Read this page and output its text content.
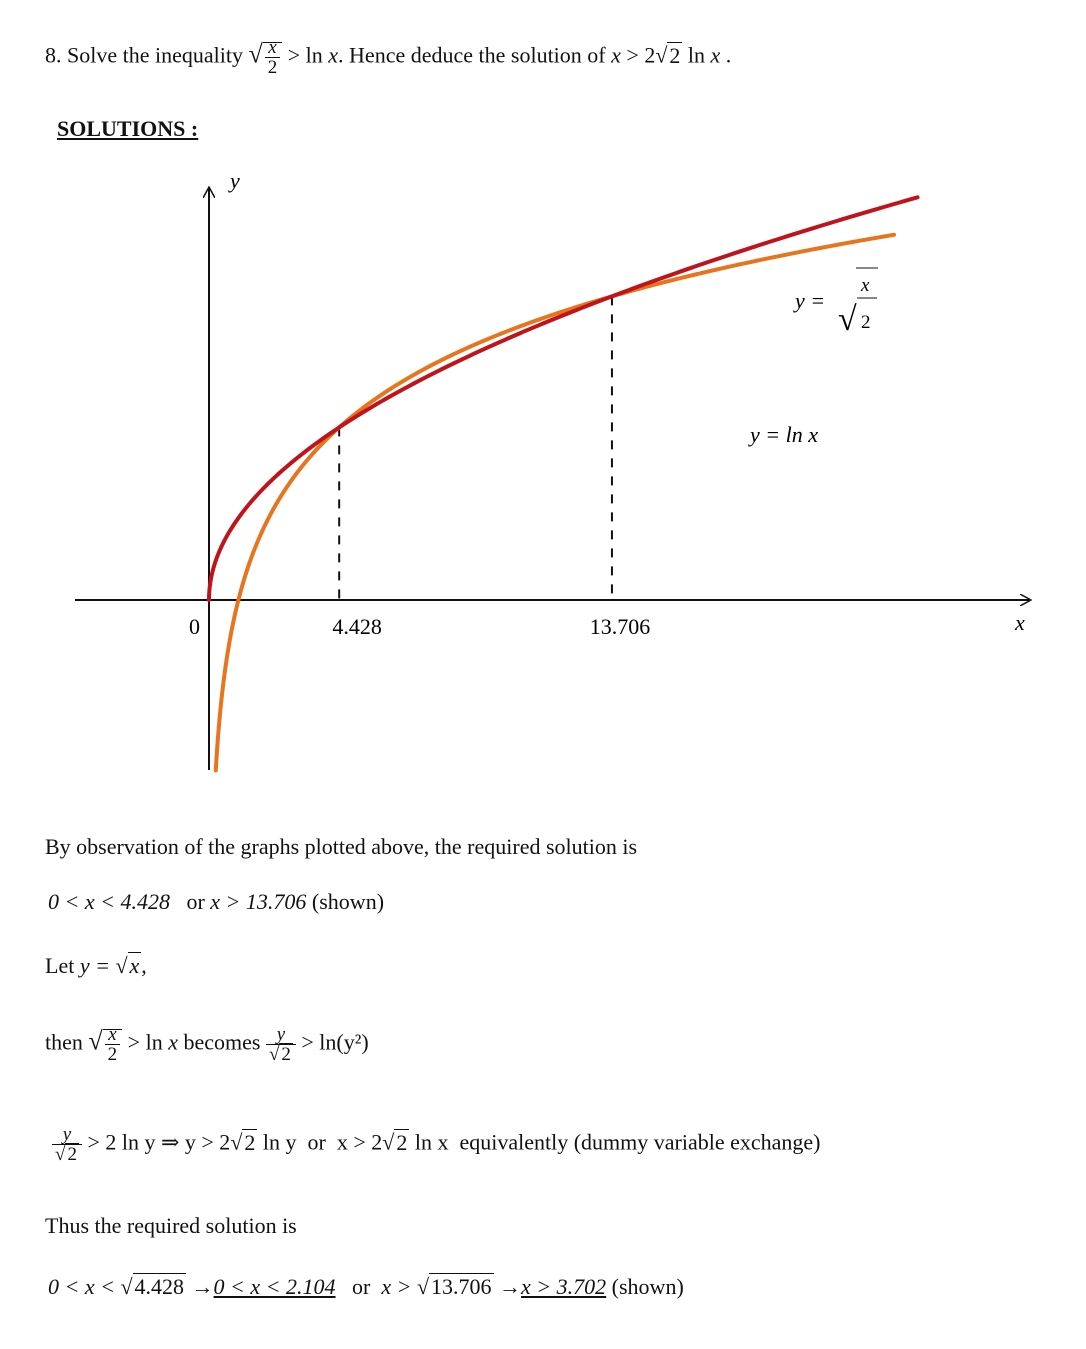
8. Solve the inequality √ $\frac{x}{2} > \ln x$. Hence deduce the solution of x > 2√2 ln x .
SOLUTIONS :
y
x
0	4.428	13.706
y =
√
x
2
y = ln x
By observation of the graphs plotted above, the required solution is
0 < x < 4.428 or x > 13.706 (shown)
Let y = √x,
then √ $\frac{x}{2} > \ln x$ becomes $\frac{y}{√ 2} > \ln(y^2)$
$\frac{y}{√ 2} > 2$ ln y ⇒ y > 2√2 ln y or x > 2√2 ln x equivalently (dummy variable exchange)
Thus the required solution is
0 < x < √4.428 →0 < x < 2.104 or x > √13.706 →x > 3.702 (shown)
